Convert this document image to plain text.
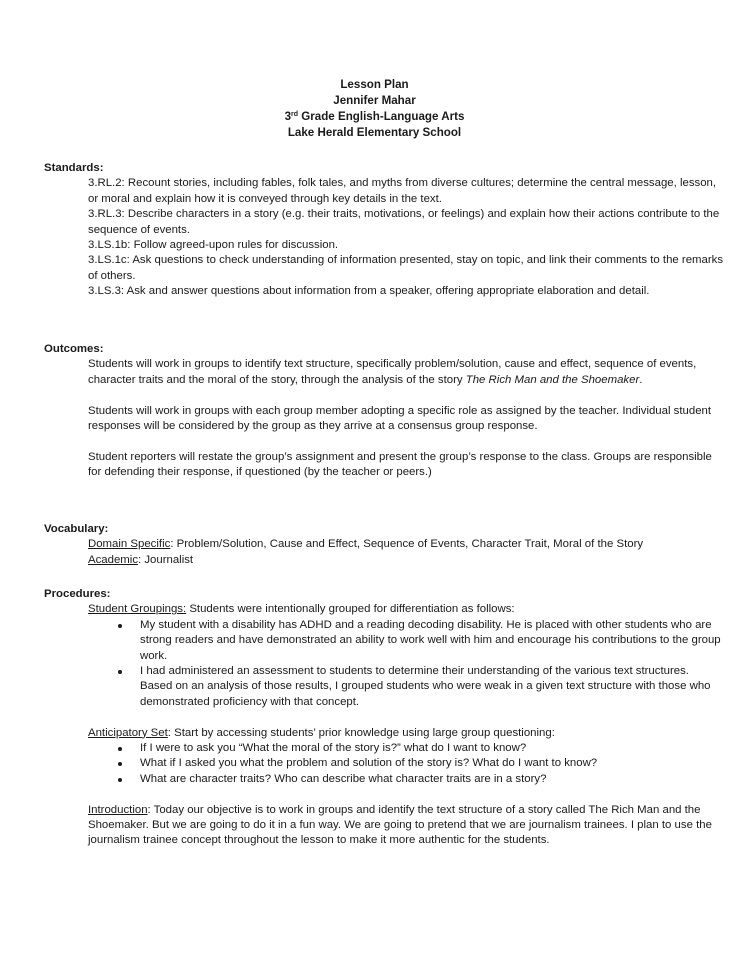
Lesson Plan
Jennifer Mahar
3rd Grade English-Language Arts
Lake Herald Elementary School

Standards:

3.RL.2: Recount stories, including fables, folk tales, and myths from diverse cultures; determine the central message, lesson, or moral and explain how it is conveyed through key details in the text.

3.RL.3: Describe characters in a story (e.g. their traits, motivations, or feelings) and explain how their actions contribute to the sequence of events.

3.LS.1b: Follow agreed-upon rules for discussion.

3.LS.1c: Ask questions to check understanding of information presented, stay on topic, and link their comments to the remarks of others.

3.LS.3: Ask and answer questions about information from a speaker, offering appropriate elaboration and detail.

Outcomes:

Students will work in groups to identify text structure, specifically problem/solution, cause and effect, sequence of events, character traits and the moral of the story, through the analysis of the story The Rich Man and the Shoemaker.

Students will work in groups with each group member adopting a specific role as assigned by the teacher. Individual student responses will be considered by the group as they arrive at a consensus group response.

Student reporters will restate the group’s assignment and present the group’s response to the class. Groups are responsible for defending their response, if questioned (by the teacher or peers.)

Vocabulary:

Domain Specific: Problem/Solution, Cause and Effect, Sequence of Events, Character Trait, Moral of the Story

Academic: Journalist

Procedures:

Student Groupings: Students were intentionally grouped for differentiation as follows:

My student with a disability has ADHD and a reading decoding disability. He is placed with other students who are strong readers and have demonstrated an ability to work well with him and encourage his contributions to the group work.
I had administered an assessment to students to determine their understanding of the various text structures. Based on an analysis of those results, I grouped students who were weak in a given text structure with those who demonstrated proficiency with that concept.

Anticipatory Set: Start by accessing students’ prior knowledge using large group questioning:

If I were to ask you “What the moral of the story is?” what do I want to know?
What if I asked you what the problem and solution of the story is? What do I want to know?
What are character traits? Who can describe what character traits are in a story?

Introduction: Today our objective is to work in groups and identify the text structure of a story called The Rich Man and the Shoemaker. But we are going to do it in a fun way. We are going to pretend that we are journalism trainees. I plan to use the journalism trainee concept throughout the lesson to make it more authentic for the students.
